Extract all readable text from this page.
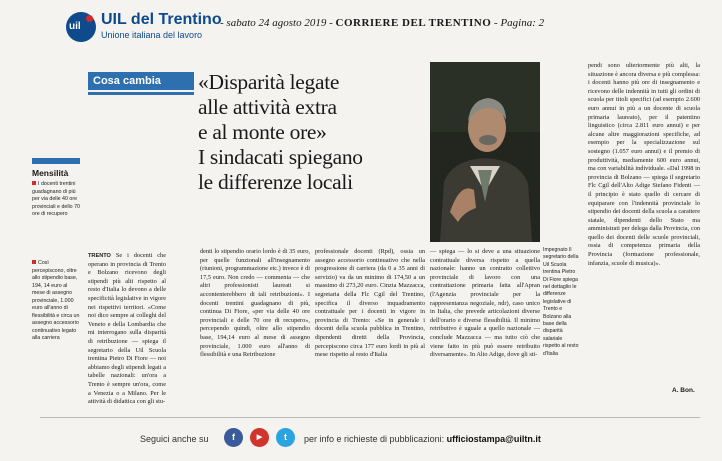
uil UIL del Trentino
Unione italiana del lavoro
- sabato 24 agosto 2019 - CORRIERE DEL TRENTINO - Pagina: 2
Cosa cambia	«Disparità legate
alle attività extra
e al monte ore»
I sindacati spiegano
le differenze locali
Mensilità
I docenti trentini guadagnano di più per via delle 40 ore provinciali e dello 70 ore di recupero
Così percepiscono, oltre allo stipendio base, 194, 14 euro al mese di assegno provinciale, 1.000 euro all'anno di flessibilità e circa un assegno accessorio continuativo legato alla carriera
TRENTO Se i docenti che operano in provincia di Trento e Bolzano ricevono degli stipendi più alti rispetto al resto d'Italia lo devono a delle specificità legislative in vigore nei rispettivi territori. «Come noi dico sempre ai colleghi del Veneto e della Lombardia che mi interrogano sulla disparità di retribuzione — spiega il segretario della Uil Scuola trentina Pietro Di Fiore — noi abbiamo degli stipendi legati a tabelle nazionali: un'ora a Trento è sempre un'ora, come a Venezia o a Milano. Per le attività di didattica con gli stu-
denti lo stipendio orario lordo è di 35 euro, per quelle funzionali all'insegnamento (riunioni, programmazione etc.) invece è di 17,5 euro. Non credo — commenta — che altri professionisti laureati si accontenterebbero di tali retribuzioni». I docenti trentini guadagnano di più, continua Di Fiore, «per via delle 40 ore provinciali e delle 70 ore di recupero», percependo quindi, oltre allo stipendio base, 194,14 euro al mese di assegno provinciale, 1.000 euro all'anno di flessibilità e una Retribuzione
professionale docenti (Rpd), ossia un assegno accessorio continuativo che nella progressione di carriera (da 0 a 35 anni di servizio) va da un minimo di 174,50 a un massimo di 273,20 euro. Cinzia Mazzacca, segretaria della Flc Cgil del Trentino, specifica il diverso inquadramento contrattuale per i docenti in vigore in provincia di Trento: «Se in generale i docenti della scuola pubblica in Trentino, dipendenti diretti della Provincia, percepiscono circa 177 euro lordi in più al mese rispetto al resto d'Italia
— spiega — lo si deve a una situazione contrattuale diversa rispetto a quella nazionale: hanno un contratto collettivo provinciale di lavoro con una contrattazione primaria fatta all'Apran (l'Agenzia provinciale per la rappresentanza negoziale, ndr), caso unico in Italia, che prevede articolazioni diverse dell'orario e diverse flessibilità. Il minimo retributivo è uguale a quello nazionale — conclude Mazzacca — ma tutto ciò che viene fatto in più può essere retribuito diversamente». In Alto Adige, dove gli sti-
Impegnato Il segretario della Uil Scuola trentina Pietro Di Fiore spiega nel dettaglio le differenze legislative di Trento e Bolzano alla base della disparità salariale rispetto al resto d'Italia
pendi sono ulteriormente più alti, la situazione è ancora diversa e più complessa: i docenti hanno più ore di insegnamento e ricevono delle indennità in tutti gli ordini di scuola per titoli specifici (ad esempio 2.600 euro annui in più a un docente di scuola primaria laureato), per il patentino linguistico (circa 2.811 euro annui) e per alcune altre maggiorazioni specifiche, ad esempio per la specializzazione sul sostegno (1.057 euro annui) e il premio di produttività, mediamente 600 euro annui, ma con variabilità individuale. «Dal 1998 in provincia di Bolzano — spiega il segretario Flc Cgil dell'Alto Adige Stefano Fidenti — il principio è stato quello di cercare di equiparare con l'indennità provinciale lo stipendio dei docenti della scuola a carattere statale, dipendenti dello Stato ma amministrati per delega dalla Provincia, con quello dei docenti delle scuole provinciali, ossia di competenza primaria della Provincia (formazione professionale, infanzia, scuole di musica)».
A. Bon.
Seguici anche su	f	▶	t	per info e richieste di pubblicazioni: ufficiostampa@uiltn.it
